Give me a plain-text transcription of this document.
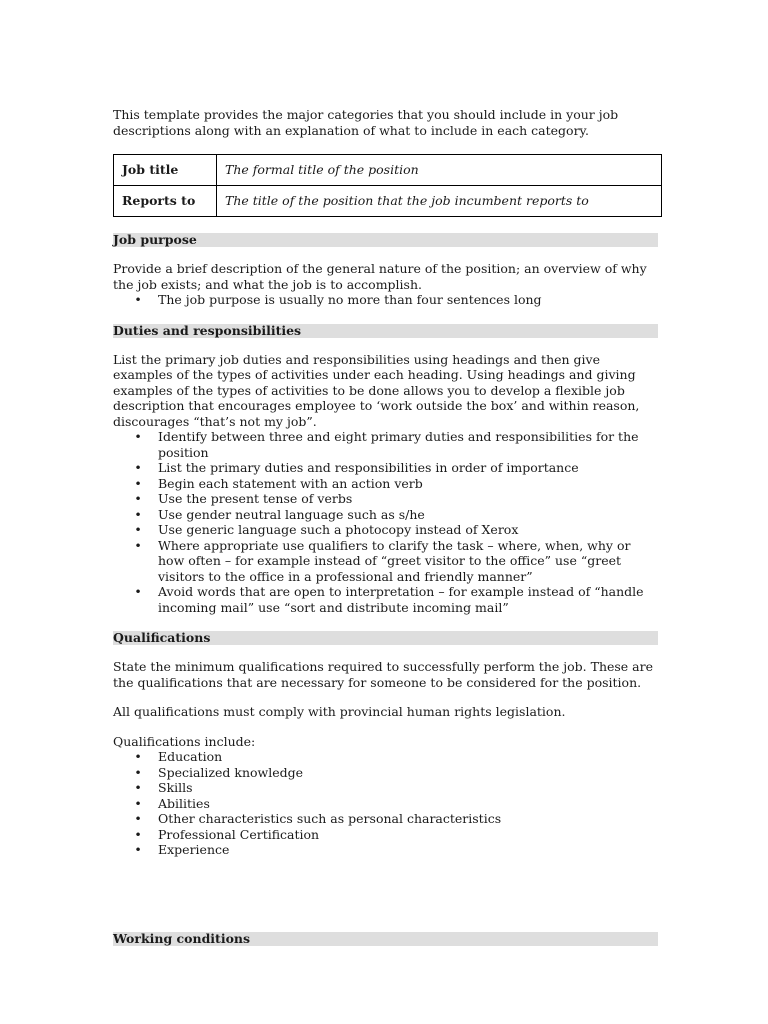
This template provides the major categories that you should include in your job descriptions along with an explanation of what to include in each category.

Job title	The formal title of the position
Reports to	The title of the position that the job incumbent reports to
Job purpose

Provide a brief description of the general nature of the position; an overview of why the job exists; and what the job is to accomplish.

• The job purpose is usually no more than four sentences long
Duties and responsibilities

List the primary job duties and responsibilities using headings and then give examples of the types of activities under each heading. Using headings and giving examples of the types of activities to be done allows you to develop a flexible job description that encourages employee to ‘work outside the box’ and within reason, discourages “that’s not my job”.

• Identify between three and eight primary duties and responsibilities for the position
• List the primary duties and responsibilities in order of importance
• Begin each statement with an action verb
• Use the present tense of verbs
• Use gender neutral language such as s/he
• Use generic language such a photocopy instead of Xerox
• Where appropriate use qualifiers to clarify the task – where, when, why or how often – for example instead of “greet visitor to the office” use “greet visitors to the office in a professional and friendly manner”
• Avoid words that are open to interpretation – for example instead of “handle incoming mail” use “sort and distribute incoming mail”
Qualifications

State the minimum qualifications required to successfully perform the job. These are the qualifications that are necessary for someone to be considered for the position.

All qualifications must comply with provincial human rights legislation.

Qualifications include:

• Education
• Specialized knowledge
• Skills
• Abilities
• Other characteristics such as personal characteristics
• Professional Certification
• Experience
Working conditions
